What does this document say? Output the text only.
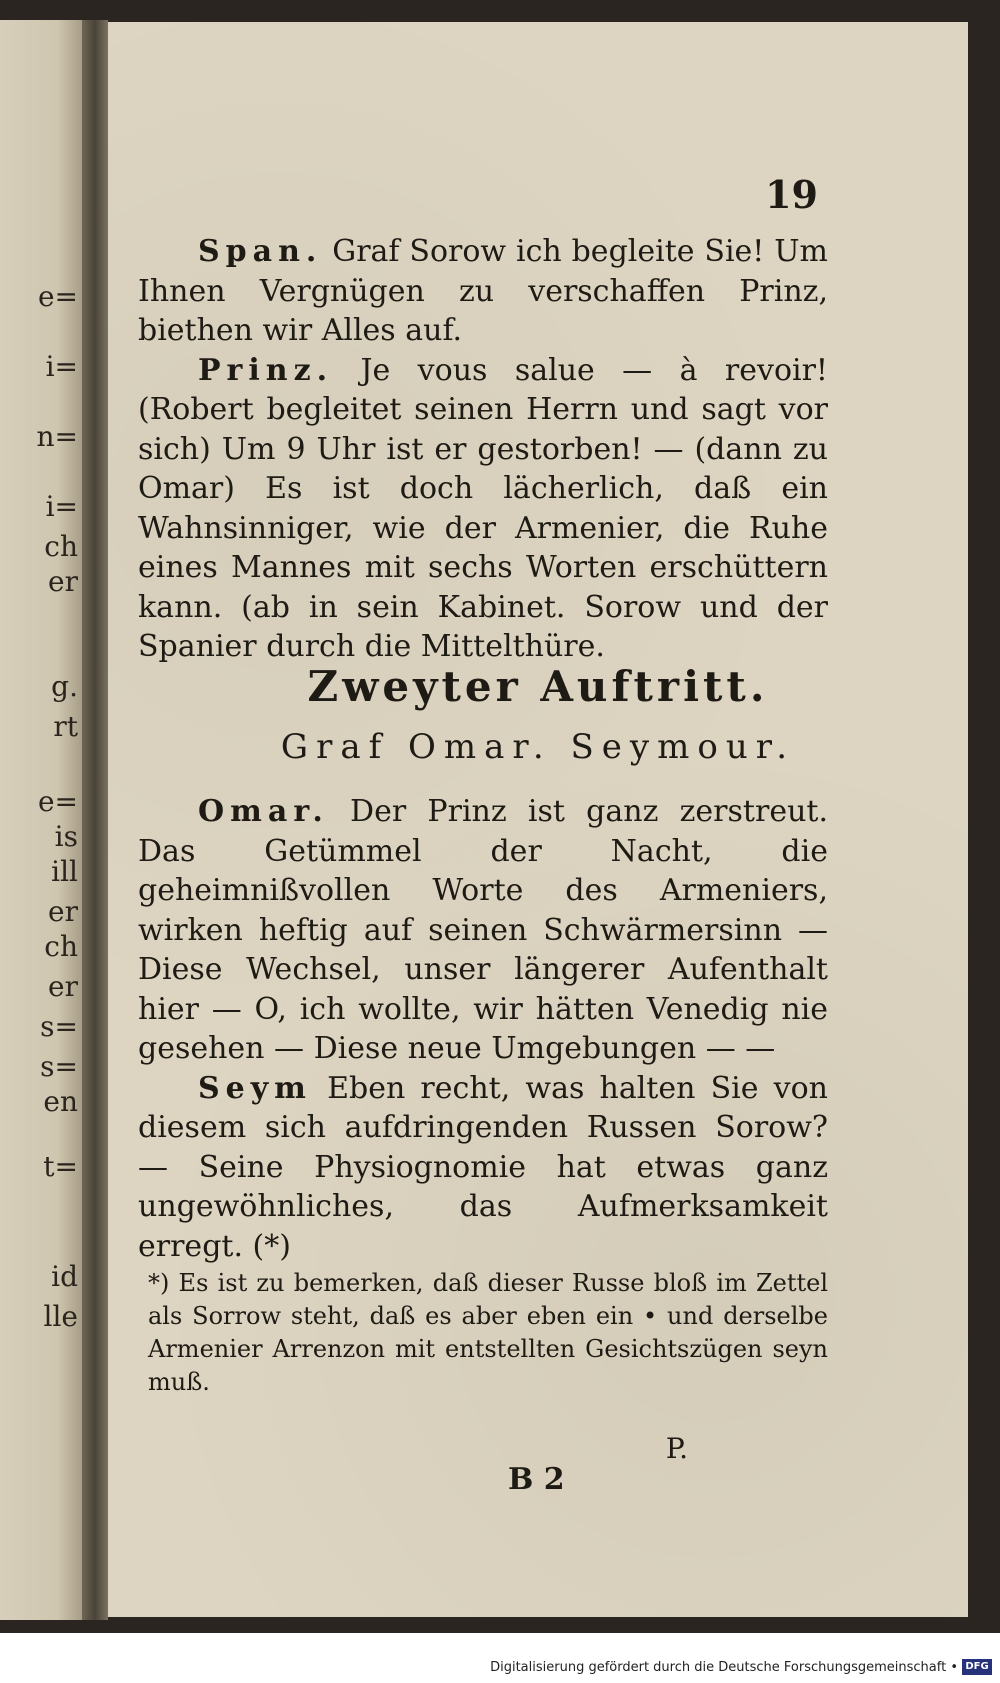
e=
i=
n=
i=
ch
er
g.
rt
e=
is
ill
er
ch
er
s=
s=
en
t=
id
lle
19

Span. Graf Sorow ich begleite Sie! Um Ihnen Vergnügen zu verschaffen Prinz, biethen wir Alles auf.

Prinz. Je vous salue — à revoir! (Robert begleitet seinen Herrn und sagt vor sich) Um 9 Uhr ist er gestorben! — (dann zu Omar) Es ist doch lächerlich, daß ein Wahnsinniger, wie der Armenier, die Ruhe eines Mannes mit sechs Worten erschüttern kann. (ab in sein Kabinet. Sorow und der Spanier durch die Mittelthüre.

Zweyter Auftritt.
Graf Omar. Seymour.

Omar. Der Prinz ist ganz zerstreut. Das Getümmel der Nacht, die geheimnißvollen Worte des Armeniers, wirken heftig auf seinen Schwärmersinn — Diese Wechsel, unser längerer Aufenthalt hier — O, ich wollte, wir hätten Venedig nie gesehen — Diese neue Umgebungen — —

Seym Eben recht, was halten Sie von diesem sich aufdringenden Russen Sorow? — Seine Physiognomie hat etwas ganz ungewöhnliches, das Aufmerksamkeit erregt. (*)

*) Es ist zu bemerken, daß dieser Russe bloß im Zettel als Sorrow steht, daß es aber eben ein • und derselbe Armenier Arrenzon mit entstellten Gesichtszügen seyn muß.

P.
B 2
Digitalisierung gefördert durch die Deutsche Forschungsgemeinschaft • DFG
